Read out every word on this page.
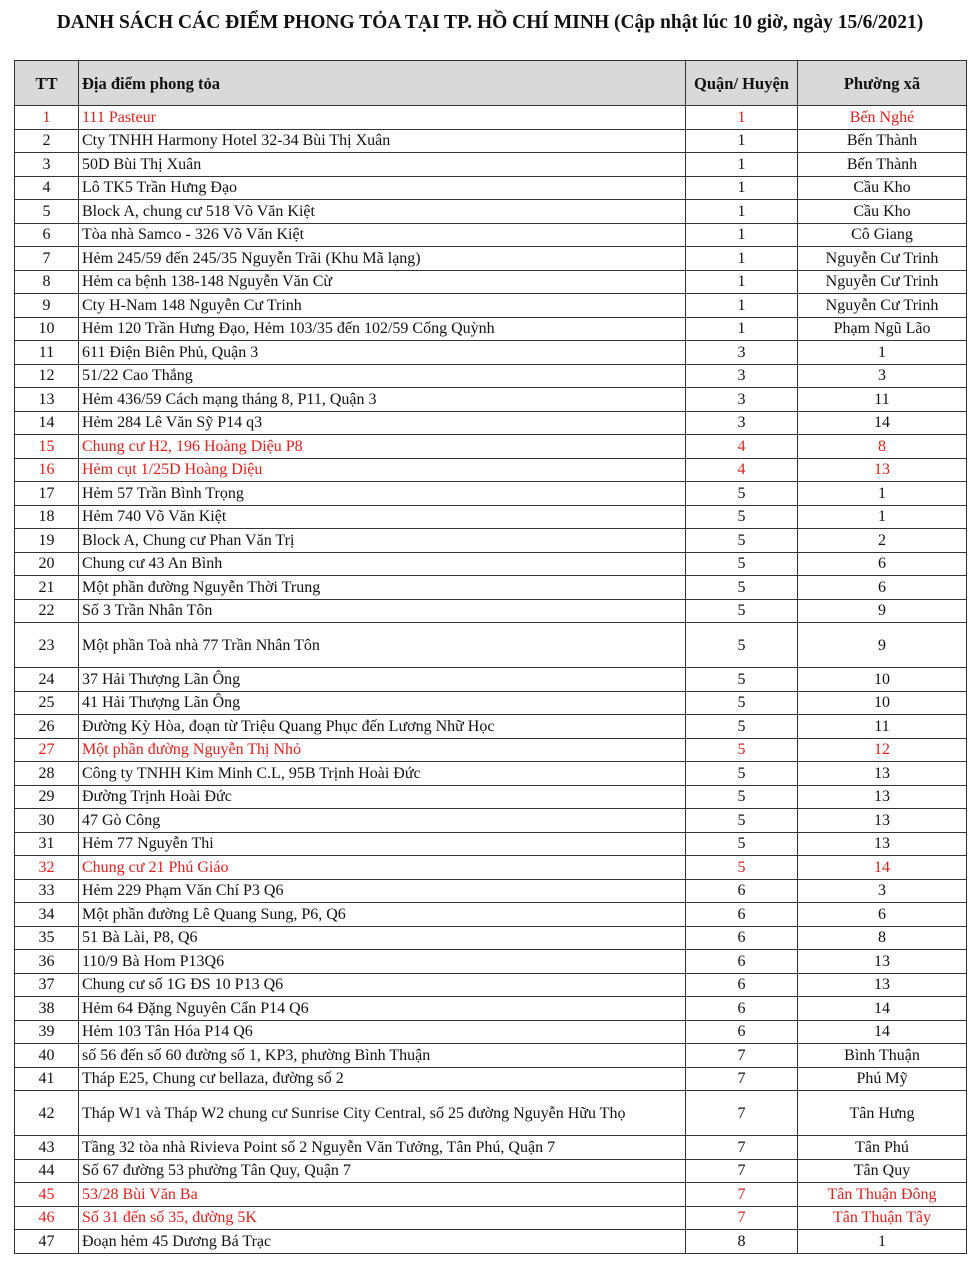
DANH SÁCH CÁC ĐIỂM PHONG TỎA TẠI TP. HỒ CHÍ MINH (Cập nhật lúc 10 giờ, ngày 15/6/2021)
TT	Địa điểm phong tỏa	Quận/ Huyện	Phường xã
1	111 Pasteur	1	Bến Nghé
2	Cty TNHH Harmony Hotel 32-34 Bùi Thị Xuân	1	Bến Thành
3	50D Bùi Thị Xuân	1	Bến Thành
4	Lô TK5 Trần Hưng Đạo	1	Cầu Kho
5	Block A, chung cư 518 Võ Văn Kiệt	1	Cầu Kho
6	Tòa nhà Samco - 326 Võ Văn Kiệt	1	Cô Giang
7	Hẻm 245/59 đến 245/35 Nguyễn Trãi (Khu Mã lạng)	1	Nguyễn Cư Trinh
8	Hẻm ca bệnh 138-148 Nguyễn Văn Cừ	1	Nguyễn Cư Trinh
9	Cty H-Nam 148 Nguyễn Cư Trinh	1	Nguyễn Cư Trinh
10	Hẻm 120 Trần Hưng Đạo, Hẻm 103/35 đến 102/59 Cống Quỳnh	1	Phạm Ngũ Lão
11	611 Điện Biên Phủ, Quận 3	3	1
12	51/22 Cao Thắng	3	3
13	Hẻm 436/59 Cách mạng tháng 8, P11, Quận 3	3	11
14	Hẻm 284 Lê Văn Sỹ P14 q3	3	14
15	Chung cư H2, 196 Hoàng Diệu P8	4	8
16	Hẻm cụt 1/25D Hoàng Diệu	4	13
17	Hẻm 57 Trần Bình Trọng	5	1
18	Hẻm 740 Võ Văn Kiệt	5	1
19	Block A, Chung cư Phan Văn Trị	5	2
20	Chung cư 43 An Bình	5	6
21	Một phần đường Nguyễn Thời Trung	5	6
22	Số 3 Trần Nhân Tôn	5	9
23	Một phần Toà nhà 77 Trần Nhân Tôn	5	9
24	37 Hải Thượng Lãn Ông	5	10
25	41 Hải Thượng Lãn Ông	5	10
26	Đường Kỳ Hòa, đoạn từ Triệu Quang Phục đến Lương Nhữ Học	5	11
27	Một phần đường Nguyễn Thị Nhỏ	5	12
28	Công ty TNHH Kim Minh C.L, 95B Trịnh Hoài Đức	5	13
29	Đường Trịnh Hoài Đức	5	13
30	47 Gò Công	5	13
31	Hẻm 77 Nguyễn Thi	5	13
32	Chung cư 21 Phú Giáo	5	14
33	Hẻm 229 Phạm Văn Chí P3 Q6	6	3
34	Một phần đường Lê Quang Sung, P6, Q6	6	6
35	51 Bà Lài, P8, Q6	6	8
36	110/9 Bà Hom P13Q6	6	13
37	Chung cư số 1G ĐS 10 P13 Q6	6	13
38	Hẻm 64 Đặng Nguyên Cẩn P14 Q6	6	14
39	Hẻm 103 Tân Hóa P14 Q6	6	14
40	số 56 đến số 60 đường số 1, KP3, phường Bình Thuận	7	Bình Thuận
41	Tháp E25, Chung cư bellaza, đường số 2	7	Phú Mỹ
42	Tháp W1 và Tháp W2 chung cư Sunrise City Central, số 25 đường Nguyễn Hữu Thọ	7	Tân Hưng
43	Tầng 32 tòa nhà Rivieva Point số 2 Nguyễn Văn Tưởng, Tân Phú, Quận 7	7	Tân Phú
44	Số 67 đường 53 phường Tân Quy, Quận 7	7	Tân Quy
45	53/28 Bùi Văn Ba	7	Tân Thuận Đông
46	Số 31 đến số 35, đường 5K	7	Tân Thuận Tây
47	Đoạn hẻm 45 Dương Bá Trạc	8	1
